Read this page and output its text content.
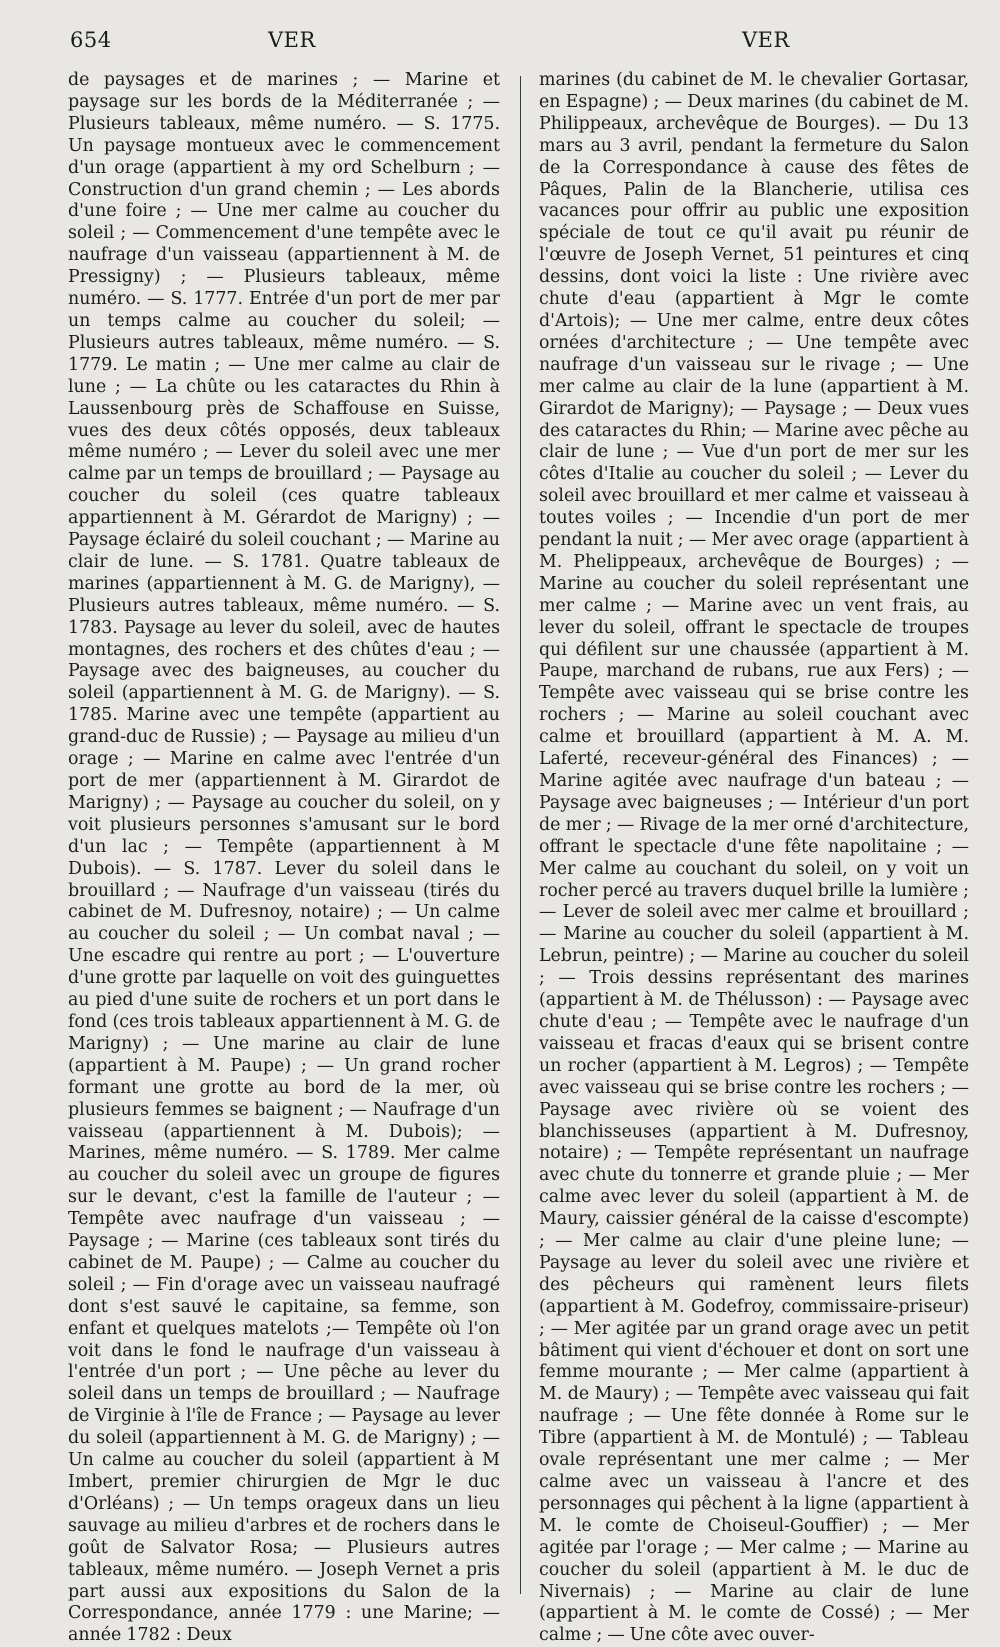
654	VER	VER

de paysages et de marines ; — Marine et paysage sur les bords de la Méditerranée ; — Plusieurs tableaux, même numéro. — S. 1775. Un paysage montueux avec le commencement d'un orage (appartient à my ord Schelburn ; — Construction d'un grand chemin ; — Les abords d'une foire ; — Une mer calme au coucher du soleil ; — Commencement d'une tempête avec le naufrage d'un vaisseau (appartiennent à M. de Pressigny) ; — Plusieurs tableaux, même numéro. — S. 1777. Entrée d'un port de mer par un temps calme au coucher du soleil; — Plusieurs autres tableaux, même numéro. — S. 1779. Le matin ; — Une mer calme au clair de lune ; — La chûte ou les cataractes du Rhin à Laussenbourg près de Schaffouse en Suisse, vues des deux côtés opposés, deux tableaux même numéro ; — Lever du soleil avec une mer calme par un temps de brouillard ; — Paysage au coucher du soleil (ces quatre tableaux appartiennent à M. Gérardot de Marigny) ; — Paysage éclairé du soleil couchant ; — Marine au clair de lune. — S. 1781. Quatre tableaux de marines (appartiennent à M. G. de Marigny), — Plusieurs autres tableaux, même numéro. — S. 1783. Paysage au lever du soleil, avec de hautes montagnes, des rochers et des chûtes d'eau ; — Paysage avec des baigneuses, au coucher du soleil (appartiennent à M. G. de Marigny). — S. 1785. Marine avec une tempête (appartient au grand-duc de Russie) ; — Paysage au milieu d'un orage ; — Marine en calme avec l'entrée d'un port de mer (appartiennent à M. Girardot de Marigny) ; — Paysage au coucher du soleil, on y voit plusieurs personnes s'amusant sur le bord d'un lac ; — Tempête (appartiennent à M Dubois). — S. 1787. Lever du soleil dans le brouillard ; — Naufrage d'un vaisseau (tirés du cabinet de M. Dufresnoy, notaire) ; — Un calme au coucher du soleil ; — Un combat naval ; — Une escadre qui rentre au port ; — L'ouverture d'une grotte par laquelle on voit des guinguettes au pied d'une suite de rochers et un port dans le fond (ces trois tableaux appartiennent à M. G. de Marigny) ; — Une marine au clair de lune (appartient à M. Paupe) ; — Un grand rocher formant une grotte au bord de la mer, où plusieurs femmes se baignent ; — Naufrage d'un vaisseau (appartiennent à M. Dubois); — Marines, même numéro. — S. 1789. Mer calme au coucher du soleil avec un groupe de figures sur le devant, c'est la famille de l'auteur ; — Tempête avec naufrage d'un vaisseau ; — Paysage ; — Marine (ces tableaux sont tirés du cabinet de M. Paupe) ; — Calme au coucher du soleil ; — Fin d'orage avec un vaisseau naufragé dont s'est sauvé le capitaine, sa femme, son enfant et quelques matelots ;— Tempête où l'on voit dans le fond le naufrage d'un vaisseau à l'entrée d'un port ; — Une pêche au lever du soleil dans un temps de brouillard ; — Naufrage de Virginie à l'île de France ; — Paysage au lever du soleil (appartiennent à M. G. de Marigny) ; — Un calme au coucher du soleil (appartient à M Imbert, premier chirurgien de Mgr le duc d'Orléans) ; — Un temps orageux dans un lieu sauvage au milieu d'arbres et de rochers dans le goût de Salvator Rosa; — Plusieurs autres tableaux, même numéro. — Joseph Vernet a pris part aussi aux expositions du Salon de la Correspondance, année 1779 : une Marine; — année 1782 : Deux

marines (du cabinet de M. le chevalier Gortasar, en Espagne) ; — Deux marines (du cabinet de M. Philippeaux, archevêque de Bourges). — Du 13 mars au 3 avril, pendant la fermeture du Salon de la Correspondance à cause des fêtes de Pâques, Palin de la Blancherie, utilisa ces vacances pour offrir au public une exposition spéciale de tout ce qu'il avait pu réunir de l'œuvre de Joseph Vernet, 51 peintures et cinq dessins, dont voici la liste : Une rivière avec chute d'eau (appartient à Mgr le comte d'Artois); — Une mer calme, entre deux côtes ornées d'architecture ; — Une tempête avec naufrage d'un vaisseau sur le rivage ; — Une mer calme au clair de la lune (appartient à M. Girardot de Marigny); — Paysage ; — Deux vues des cataractes du Rhin; — Marine avec pêche au clair de lune ; — Vue d'un port de mer sur les côtes d'Italie au coucher du soleil ; — Lever du soleil avec brouillard et mer calme et vaisseau à toutes voiles ; — Incendie d'un port de mer pendant la nuit ; — Mer avec orage (appartient à M. Phelippeaux, archevêque de Bourges) ; — Marine au coucher du soleil représentant une mer calme ; — Marine avec un vent frais, au lever du soleil, offrant le spectacle de troupes qui défilent sur une chaussée (appartient à M. Paupe, marchand de rubans, rue aux Fers) ; — Tempête avec vaisseau qui se brise contre les rochers ; — Marine au soleil couchant avec calme et brouillard (appartient à M. A. M. Laferté, receveur-général des Finances) ; — Marine agitée avec naufrage d'un bateau ; — Paysage avec baigneuses ; — Intérieur d'un port de mer ; — Rivage de la mer orné d'architecture, offrant le spectacle d'une fête napolitaine ; — Mer calme au couchant du soleil, on y voit un rocher percé au travers duquel brille la lumière ; — Lever de soleil avec mer calme et brouillard ; — Marine au coucher du soleil (appartient à M. Lebrun, peintre) ; — Marine au coucher du soleil ; — Trois dessins représentant des marines (appartient à M. de Thélusson) : — Paysage avec chute d'eau ; — Tempête avec le naufrage d'un vaisseau et fracas d'eaux qui se brisent contre un rocher (appartient à M. Legros) ; — Tempête avec vaisseau qui se brise contre les rochers ; — Paysage avec rivière où se voient des blanchisseuses (appartient à M. Dufresnoy, notaire) ; — Tempête représentant un naufrage avec chute du tonnerre et grande pluie ; — Mer calme avec lever du soleil (appartient à M. de Maury, caissier général de la caisse d'escompte) ; — Mer calme au clair d'une pleine lune; — Paysage au lever du soleil avec une rivière et des pêcheurs qui ramènent leurs filets (appartient à M. Godefroy, commissaire-priseur) ; — Mer agitée par un grand orage avec un petit bâtiment qui vient d'échouer et dont on sort une femme mourante ; — Mer calme (appartient à M. de Maury) ; — Tempête avec vaisseau qui fait naufrage ; — Une fête donnée à Rome sur le Tibre (appartient à M. de Montulé) ; — Tableau ovale représentant une mer calme ; — Mer calme avec un vaisseau à l'ancre et des personnages qui pêchent à la ligne (appartient à M. le comte de Choiseul-Gouffier) ; — Mer agitée par l'orage ; — Mer calme ; — Marine au coucher du soleil (appartient à M. le duc de Nivernais) ; — Marine au clair de lune (appartient à M. le comte de Cossé) ; — Mer calme ; — Une côte avec ouver-
